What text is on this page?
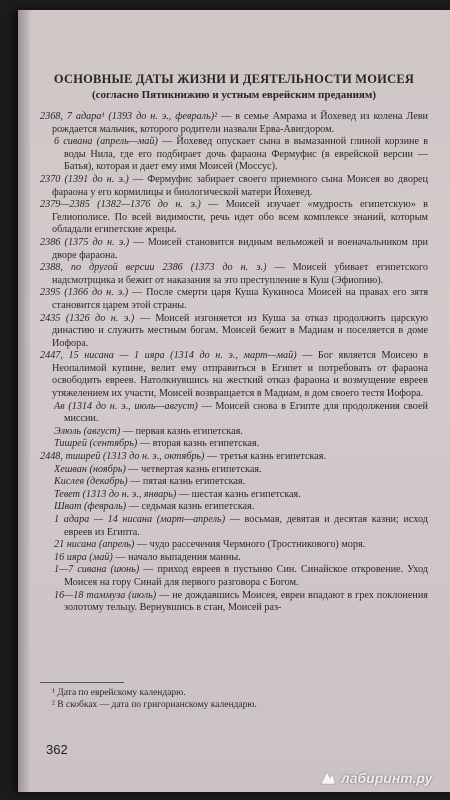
ОСНОВНЫЕ ДАТЫ ЖИЗНИ И ДЕЯТЕЛЬНОСТИ МОИСЕЯ
(согласно Пятикнижию и устным еврейским преданиям)

2368, 7 адара¹ (1393 до н. э., февраль)² — в семье Амрама и Йохевед из колена Леви рождается мальчик, которого родители назвали Ерва-Авигдором.

6 сивана (апрель—май) — Йохевед опускает сына в вымазанной глиной корзине в воды Нила, где его подбирает дочь фараона Фермуфис (в еврейской версии — Батья), которая и дает ему имя Моисей (Моссус).

2370 (1391 до н. э.) — Фермуфис забирает своего приемного сына Моисея во дворец фараона у его кормилицы и биологической матери Йохевед.

2379—2385 (1382—1376 до н. э.) — Моисей изучает «мудрость египетскую» в Гелиополисе. По всей видимости, речь идет обо всем комплексе знаний, которым обладали египетские жрецы.

2386 (1375 до н. э.) — Моисей становится видным вельможей и военачальником при дворе фараона.

2388, по другой версии 2386 (1373 до н. э.) — Моисей убивает египетского надсмотрщика и бежит от наказания за это преступление в Куш (Эфиопию).

2395 (1366 до н. э.) — После смерти царя Куша Кукиноса Моисей на правах его зятя становится царем этой страны.

2435 (1326 до н. э.) — Моисей изгоняется из Куша за отказ продолжить царскую династию и служить местным богам. Моисей бежит в Мадиам и поселяется в доме Иофора.

2447, 15 нисана — 1 ияра (1314 до н. э., март—май) — Бог является Моисею в Неопалимой купине, велит ему отправиться в Египет и потребовать от фараона освободить евреев. Натолкнувшись на жесткий отказ фараона и возмущение евреев утяжелением их участи, Моисей возвращается в Мадиам, в дом своего тестя Иофора.

Ав (1314 до н. э., июль—август) — Моисей снова в Египте для продолжения своей миссии.

Элюль (август) — первая казнь египетская.

Тишрей (сентябрь) — вторая казнь египетская.

2448, тишрей (1313 до н. э., октябрь) — третья казнь египетская.

Хешван (ноябрь) — четвертая казнь египетская.

Кислев (декабрь) — пятая казнь египетская.

Тевет (1313 до н. э., январь) — шестая казнь египетская.

Шват (февраль) — седьмая казнь египетская.

1 адара — 14 нисана (март—апрель) — восьмая, девятая и десятая казни; исход евреев из Египта.

21 нисана (апрель) — чудо рассечения Чермного (Тростникового) моря.

16 ияра (май) — начало выпадения манны.

1—7 сивана (июнь) — приход евреев в пустыню Син. Синайское откровение. Уход Моисея на гору Синай для первого разговора с Богом.

16—18 таммуза (июль) — не дождавшись Моисея, евреи впадают в грех поклонения золотому тельцу. Вернувшись в стан, Моисей раз-

¹ Дата по еврейскому календарю.

² В скобках — дата по григорианскому календарю.

362
лабиринт.ру
